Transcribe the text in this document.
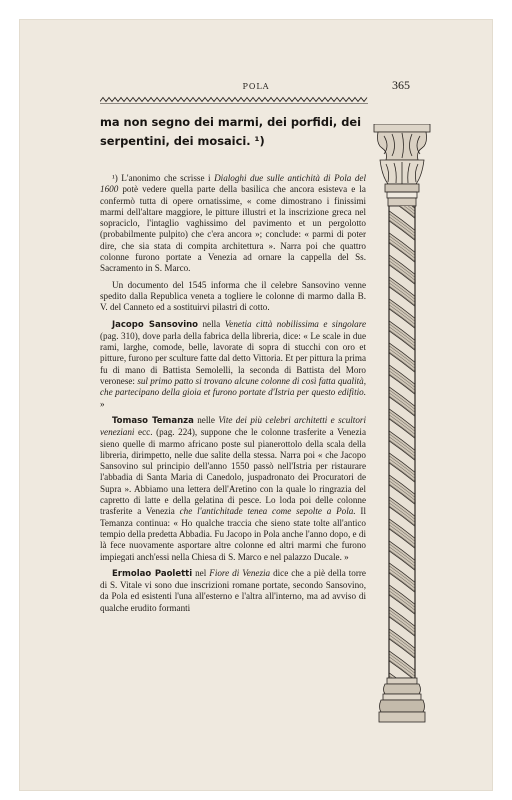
POLA	365
ma non segno dei marmi, dei porfidi, dei serpentini, dei mosaici. ¹)

¹) L'anonimo che scrisse i Dialoghi due sulle antichità di Pola del 1600 potè vedere quella parte della basilica che ancora esisteva e la confermò tutta di opere ornatissime, « come dimostrano i finissimi marmi dell'altare maggiore, le pitture illustri et la inscrizione greca nel sopraciclo, l'intaglio vaghissimo del pavimento et un pergolotto (probabilmente pulpito) che c'era ancora »; conclude: « parmi di poter dire, che sia stata di compita architettura ». Narra poi che quattro colonne furono portate a Venezia ad ornare la cappella del Ss. Sacramento in S. Marco.

Un documento del 1545 informa che il celebre Sansovino venne spedito dalla Republica veneta a togliere le colonne di marmo dalla B. V. del Canneto ed a sostituirvi pilastri di cotto.

Jacopo Sansovino nella Venetia città nobilissima e singolare (pag. 310), dove parla della fabrica della libreria, dice: « Le scale in due rami, larghe, comode, belle, lavorate di sopra di stucchi con oro et pitture, furono per sculture fatte dal detto Vittoria. Et per pittura la prima fu di mano di Battista Semolelli, la seconda di Battista del Moro veronese: sul primo patto si trovano alcune colonne di così fatta qualità, che partecipano della gioia et furono portate d'Istria per questo edifitio. »

Tomaso Temanza nelle Vite dei più celebri architetti e scultori veneziani ecc. (pag. 224), suppone che le colonne trasferite a Venezia sieno quelle di marmo africano poste sul pianerottolo della scala della libreria, dirimpetto, nelle due salite della stessa. Narra poi « che Jacopo Sansovino sul principio dell'anno 1550 passò nell'Istria per ristaurare l'abbadia di Santa Maria di Canedolo, juspadronato dei Procuratori de Supra ». Abbiamo una lettera dell'Aretino con la quale lo ringrazia del capretto di latte e della gelatina di pesce. Lo loda poi delle colonne trasferite a Venezia che l'antichitade tenea come sepolte a Pola. Il Temanza continua: « Ho qualche traccia che sieno state tolte all'antico tempio della predetta Abbadia. Fu Jacopo in Pola anche l'anno dopo, e di là fece nuovamente asportare altre colonne ed altri marmi che furono impiegati anch'essi nella Chiesa di S. Marco e nel palazzo Ducale. »

Ermolao Paoletti nel Fiore di Venezia dice che a piè della torre di S. Vitale vi sono due inscrizioni romane portate, secondo Sansovino, da Pola ed esistenti l'una all'esterno e l'altra all'interno, ma ad avviso di qualche erudito formanti
